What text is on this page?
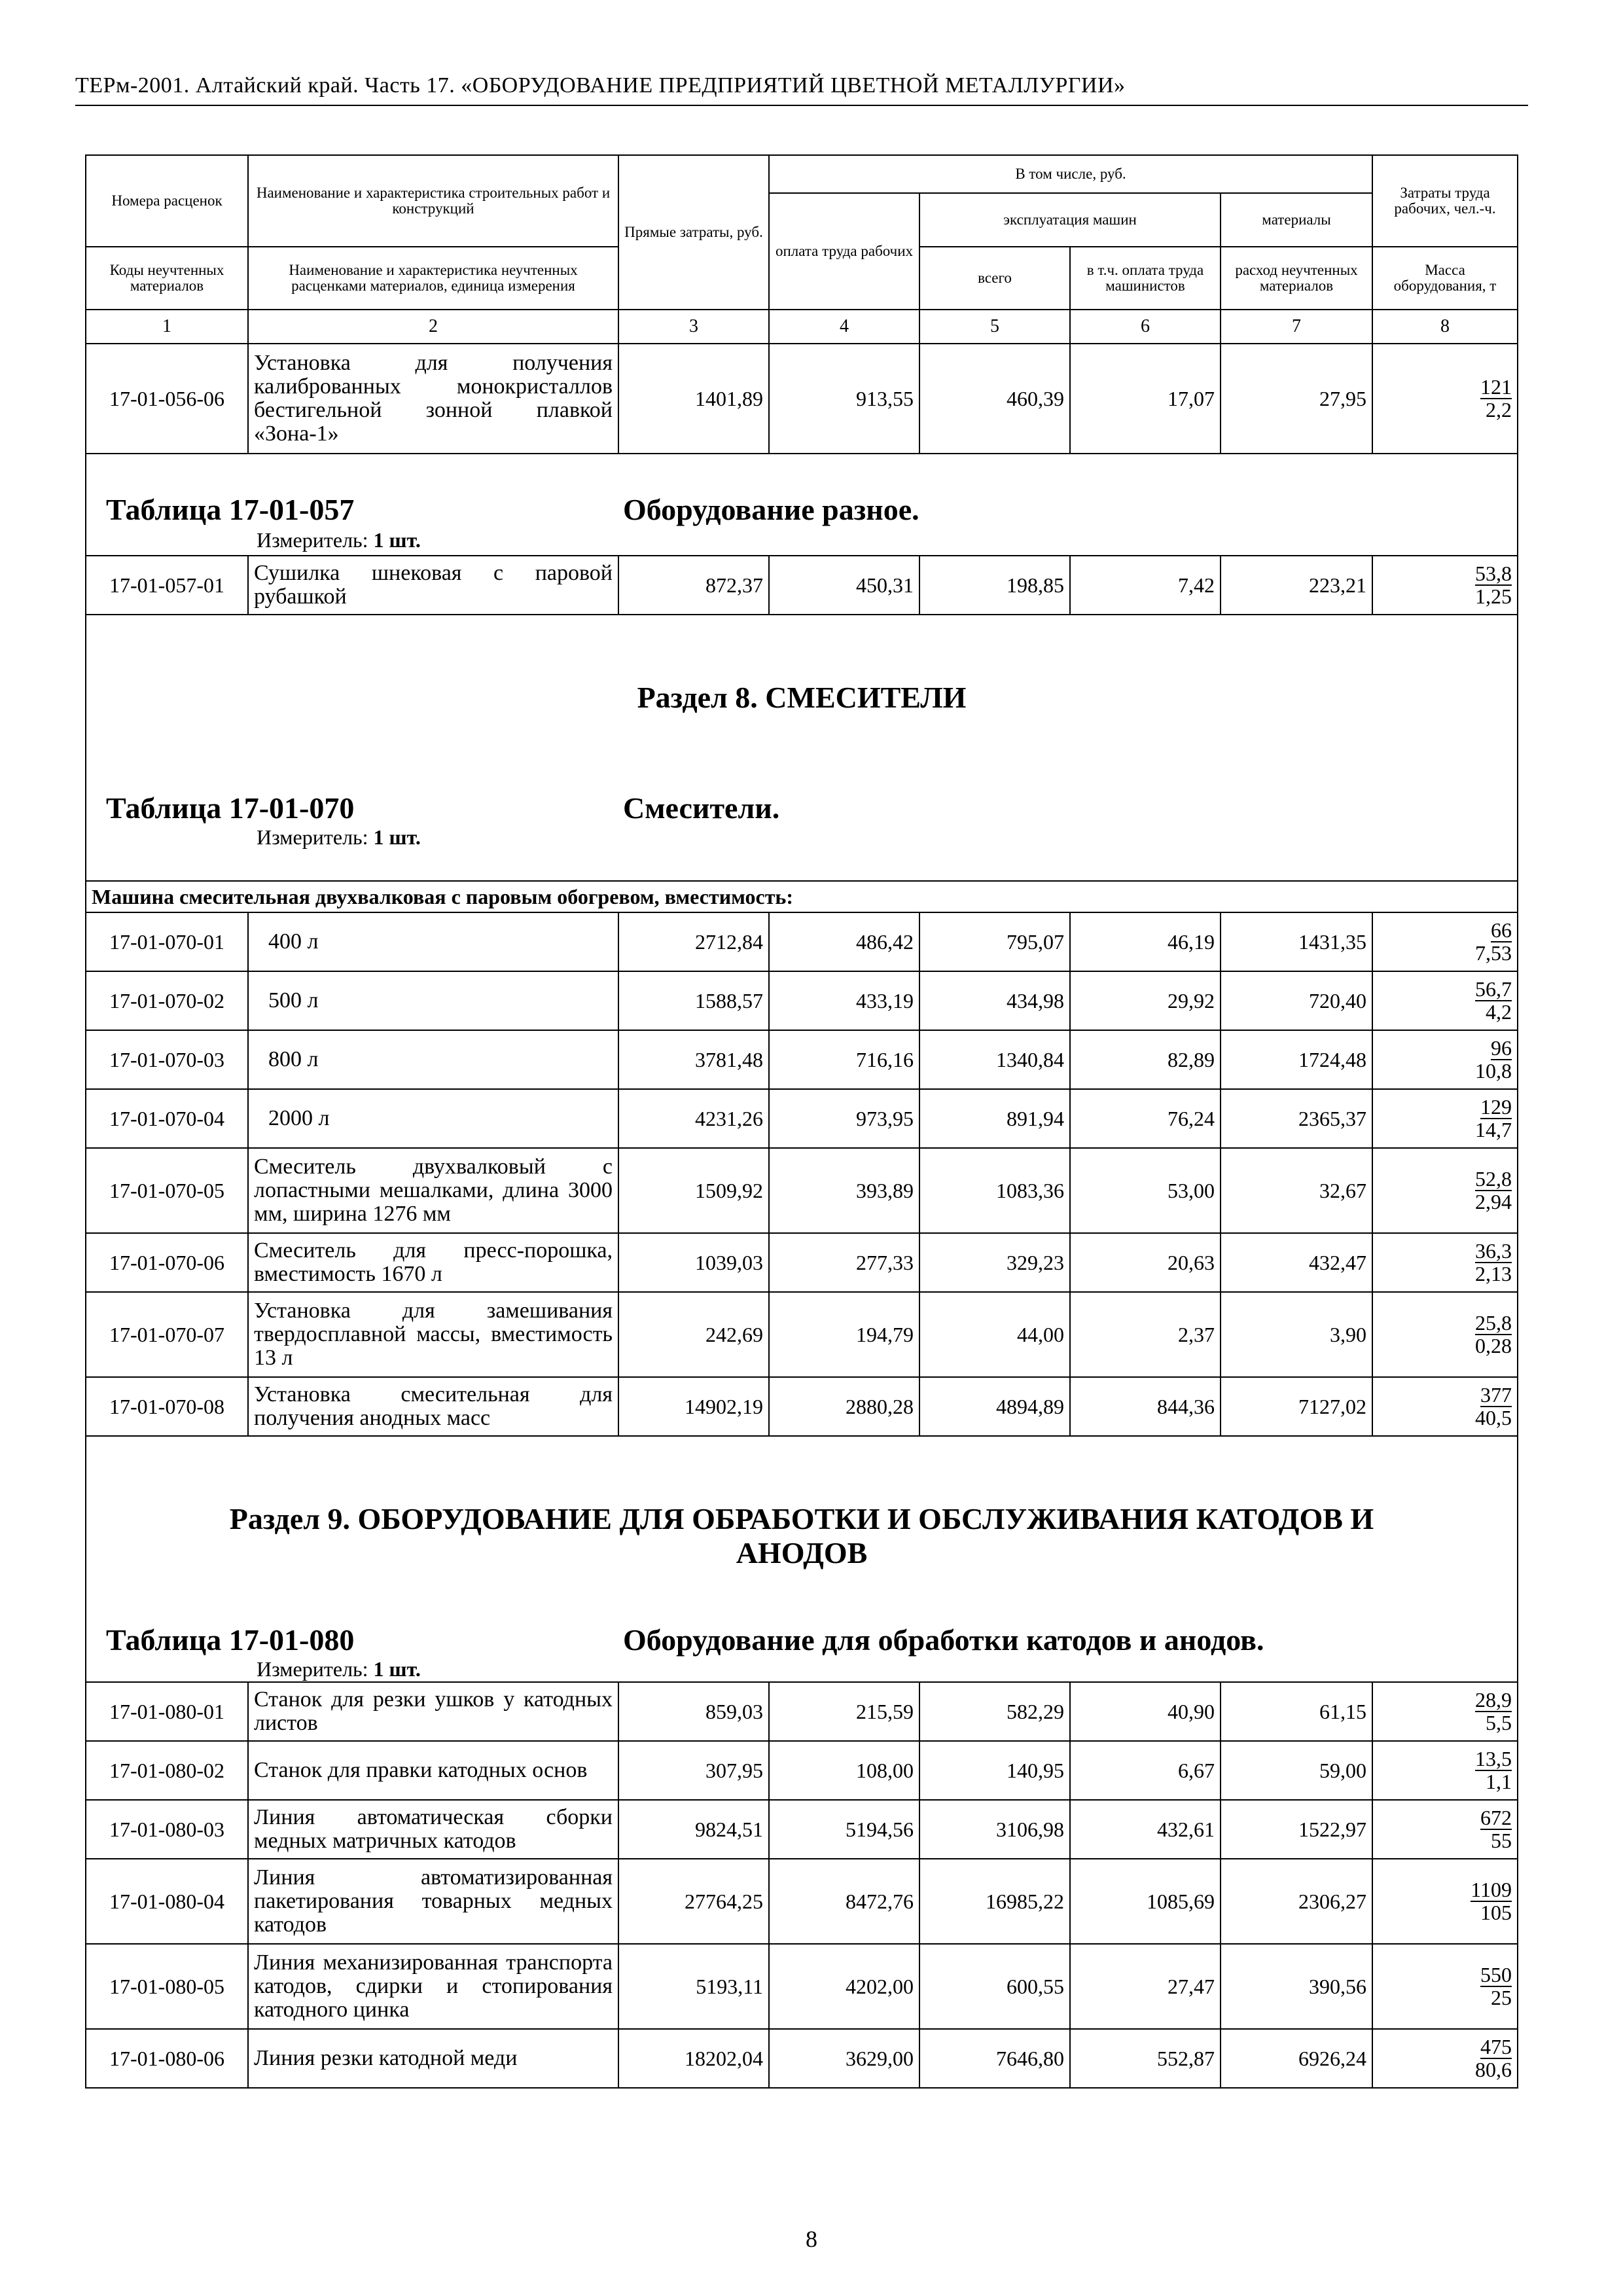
ТЕРм-2001. Алтайский край. Часть 17. «ОБОРУДОВАНИЕ ПРЕДПРИЯТИЙ ЦВЕТНОЙ МЕТАЛЛУРГИИ»
Номера расценок	Наименование и характеристика строительных работ и конструкций	Прямые затраты, руб.	В том числе, руб.				Затраты труда рабочих, чел.-ч.
			оплата труда рабочих	эксплуатация машин		материалы	
Коды неучтенных материалов	Наименование и характеристика неучтенных расценками материалов, единица измерения			всего	в т.ч. оплата труда машинистов	расход неучтенных материалов	Масса оборудования, т
1	2	3	4	5	6	7	8
17-01-056-06	Установка для получения калиброванных монокристаллов бестигельной зонной плавкой «Зона-1»	1401,89	913,55	460,39	17,07	27,95	121
2,2

Таблица 17-01-057 Оборудование разное.
Измеритель: 1 шт.							

17-01-057-01	Сушилка шнековая с паровой рубашкой	872,37	450,31	198,85	7,42	223,21	53,8
1,25

Раздел 8. СМЕСИТЕЛИ
Таблица 17-01-070 Смесители.
Измеритель: 1 шт.							

Машина смесительная двухвалковая с паровым обогревом, вместимость:							
17-01-070-01	400 л	2712,84	486,42	795,07	46,19	1431,35	66
7,53
17-01-070-02	500 л	1588,57	433,19	434,98	29,92	720,40	56,7
4,2
17-01-070-03	800 л	3781,48	716,16	1340,84	82,89	1724,48	96
10,8
17-01-070-04	2000 л	4231,26	973,95	891,94	76,24	2365,37	129
14,7
17-01-070-05	Смеситель двухвалковый с лопастными мешалками, длина 3000 мм, ширина 1276 мм	1509,92	393,89	1083,36	53,00	32,67	52,8
2,94
17-01-070-06	Смеситель для пресс-порошка, вместимость 1670 л	1039,03	277,33	329,23	20,63	432,47	36,3
2,13
17-01-070-07	Установка для замешивания твердосплавной массы, вместимость 13 л	242,69	194,79	44,00	2,37	3,90	25,8
0,28
17-01-070-08	Установка смесительная для получения анодных масс	14902,19	2880,28	4894,89	844,36	7127,02	377
40,5

Раздел 9. ОБОРУДОВАНИЕ ДЛЯ ОБРАБОТКИ И ОБСЛУЖИВАНИЯ КАТОДОВ И АНОДОВ
Таблица 17-01-080 Оборудование для обработки катодов и анодов.
Измеритель: 1 шт.							

17-01-080-01	Станок для резки ушков у катодных листов	859,03	215,59	582,29	40,90	61,15	28,9
5,5
17-01-080-02	Станок для правки катодных основ	307,95	108,00	140,95	6,67	59,00	13,5
1,1
17-01-080-03	Линия автоматическая сборки медных матричных катодов	9824,51	5194,56	3106,98	432,61	1522,97	672
55
17-01-080-04	Линия автоматизированная пакетирования товарных медных катодов	27764,25	8472,76	16985,22	1085,69	2306,27	1109
105
17-01-080-05	Линия механизированная транспорта катодов, сдирки и стопирования катодного цинка	5193,11	4202,00	600,55	27,47	390,56	550
25
17-01-080-06	Линия резки катодной меди	18202,04	3629,00	7646,80	552,87	6926,24	475
80,6
8
